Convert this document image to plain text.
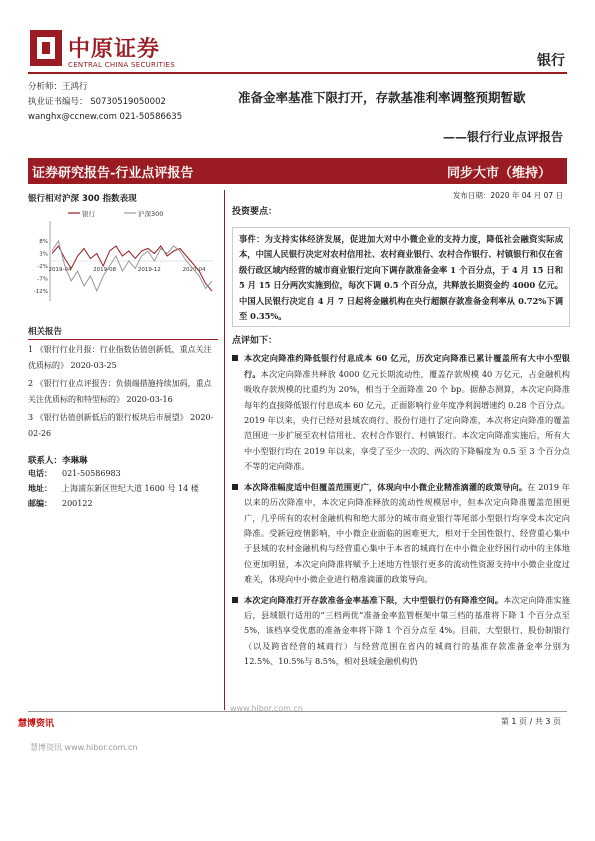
中原证券
CENTRAL CHINA SECURITIES	银行
分析师：王鸿行
执业证书编号： S0730519050002
wanghx@ccnew.com 021-50586635
准备金率基准下限打开，存款基准利率调整预期暂歇
——银行行业点评报告
证券研究报告-行业点评报告	同步大市（维持）
发布日期：2020 年 04 月 07 日
银行相对沪深 300 指数表现
银行	沪深300
8%
3%
-2%
-7%
-12%
2019-04	2019-08	2019-12	2020-04
相关报告
1 《银行行业月报：行业指数估值创新低，重点关注优质标的》 2020-03-25
2 《银行行业点评报告：负债端措施持续加码，重点关注优质标的和特型标的》 2020-03-16
3 《银行估值创新低后的银行板块后市展望》 2020-02-26
联系人：李琳琳
电话：	021-50586983
地址：	上海浦东新区世纪大道 1600 号 14 楼
邮编：	200122
投资要点：
事件：为支持实体经济发展，促进加大对中小微企业的支持力度，降低社会融资实际成本，中国人民银行决定对农村信用社、农村商业银行、农村合作银行、村镇银行和仅在省级行政区域内经营的城市商业银行定向下调存款准备金率 1 个百分点，于 4 月 15 日和 5 月 15 日分两次实施到位，每次下调 0.5 个百分点，共释放长期资金约 4000 亿元。中国人民银行决定自 4 月 7 日起将金融机构在央行超额存款准备金利率从 0.72%下调至 0.35%。
点评如下：
本次定向降准约降低银行付息成本 60 亿元，历次定向降准已累计覆盖所有大中小型银行。本次定向降准共释放 4000 亿元长期流动性，覆盖存款规模 40 万亿元，占金融机构吸收存款规模的比重约为 20%，相当于全面降准 20 个 bp。据静态测算，本次定向降准每年约直接降低银行付息成本 60 亿元，正面影响行业年度净利润增速约 0.28 个百分点。2019 年以来，央行已经对县域农商行、股份行进行了定向降准，本次将定向降准的覆盖范围进一步扩展至农村信用社、农村合作银行、村镇银行。本次定向降准实施后，所有大中小型银行均在 2019 年以来，享受了至少一次的、两次的下降幅度为 0.5 至 3 个百分点不等的定向降准。
本次降准幅度适中但覆盖范围更广，体现向中小微企业精准滴灌的政策导向。在 2019 年以来的历次降准中，本次定向降准释放的流动性规模居中，但本次定向降准覆盖范围更广，几乎所有的农村金融机构和绝大部分的城市商业银行等尾部小型银行均享受本次定向降准。受新冠疫情影响，中小微企业面临的困难更大，相对于全国性银行、经营重心集中于县域的农村金融机构与经营重心集中于本省的城商行在中小微企业纾困行动中的主体地位更加明显，本次定向降准将赋予上述地方性银行更多的流动性资源支持中小微企业度过难关，体现向中小微企业进行精准滴灌的政策导向。
本次定向降准打开存款准备金率基准下限，大中型银行仍有降准空间。本次定向降准实施后，县域银行适用的“三档两优”准备金率监管框架中第三档的基准将下降 1 个百分点至 5%，该档享受优惠的准备金率将下降 1 个百分点至 4%。目前，大型银行、股份制银行（以及跨省经营的城商行）与经营范围在省内的城商行的基准存款准备金率分别为 12.5%、10.5%与 8.5%，相对县域金融机构仍
第 1 页 / 共 3 页
慧博资讯
www.hibor.com.cn
慧博资讯 www.hibor.com.cn
